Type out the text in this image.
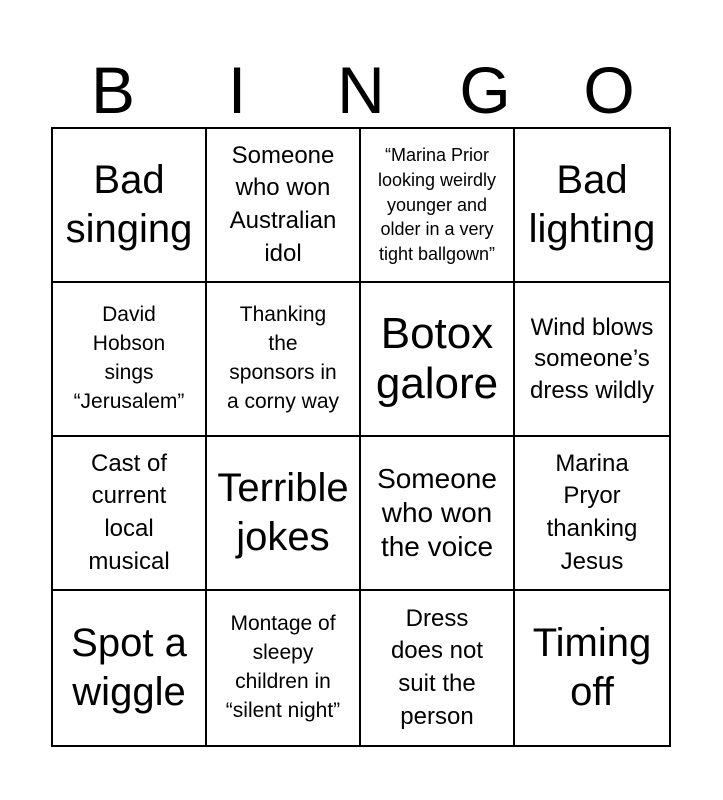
B	I	N	G	O
Bad
singing
Someone
who won
Australian
idol
“Marina Prior
looking weirdly
younger and
older in a very
tight ballgown”
Bad
lighting
David
Hobson
sings
“Jerusalem”
Thanking
the
sponsors in
a corny way
Botox
galore
Wind blows
someone’s
dress wildly
Cast of
current
local
musical
Terrible
jokes
Someone
who won
the voice
Marina
Pryor
thanking
Jesus
Spot a
wiggle
Montage of
sleepy
children in
“silent night”
Dress
does not
suit the
person
Timing
off
